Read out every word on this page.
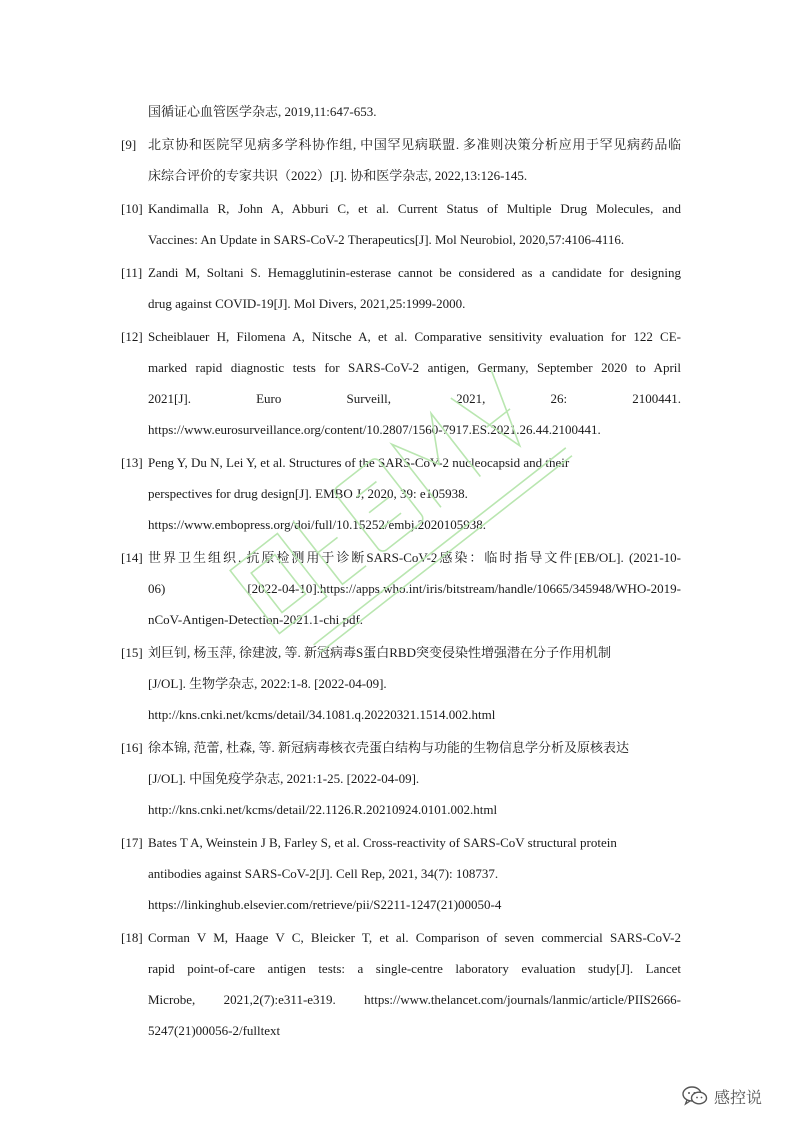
国循证心血管医学杂志, 2019,11:647-653.
[9] 北京协和医院罕见病多学科协作组, 中国罕见病联盟. 多准则决策分析应用于罕见病药品临
床综合评价的专家共识（2022）[J]. 协和医学杂志, 2022,13:126-145.
[10] Kandimalla R, John A, Abburi C, et al. Current Status of Multiple Drug Molecules, and
Vaccines: An Update in SARS-CoV-2 Therapeutics[J]. Mol Neurobiol, 2020,57:4106-4116.
[11] Zandi M, Soltani S. Hemagglutinin-esterase cannot be considered as a candidate for designing
drug against COVID-19[J]. Mol Divers, 2021,25:1999-2000.
[12] Scheiblauer H, Filomena A, Nitsche A, et al. Comparative sensitivity evaluation for 122 CE-
marked rapid diagnostic tests for SARS-CoV-2 antigen, Germany, September 2020 to April
2021[J]. Euro Surveill, 2021, 26: 2100441.
https://www.eurosurveillance.org/content/10.2807/1560-7917.ES.2021.26.44.2100441.
[13] Peng Y, Du N, Lei Y, et al. Structures of the SARS-CoV-2 nucleocapsid and their
perspectives for drug design[J]. EMBO J, 2020, 39: e105938.
https://www.embopress.org/doi/full/10.15252/embj.2020105938.
[14] 世界卫生组织. 抗原检测用于诊断SARS-CoV-2感染：临时指导文件[EB/OL]. (2021-10-
06) [2022-04-10].https://apps.who.int/iris/bitstream/handle/10665/345948/WHO-2019-
nCoV-Antigen-Detection-2021.1-chi.pdf.
[15] 刘巨钊, 杨玉萍, 徐建波, 等. 新冠病毒S蛋白RBD突变侵染性增强潜在分子作用机制
[J/OL]. 生物学杂志, 2022:1-8. [2022-04-09].
http://kns.cnki.net/kcms/detail/34.1081.q.20220321.1514.002.html
[16] 徐本锦, 范蕾, 杜森, 等. 新冠病毒核衣壳蛋白结构与功能的生物信息学分析及原核表达
[J/OL]. 中国免疫学杂志, 2021:1-25. [2022-04-09].
http://kns.cnki.net/kcms/detail/22.1126.R.20210924.0101.002.html
[17] Bates T A, Weinstein J B, Farley S, et al. Cross-reactivity of SARS-CoV structural protein
antibodies against SARS-CoV-2[J]. Cell Rep, 2021, 34(7): 108737.
https://linkinghub.elsevier.com/retrieve/pii/S2211-1247(21)00050-4
[18] Corman V M, Haage V C, Bleicker T, et al. Comparison of seven commercial SARS-CoV-2
rapid point-of-care antigen tests: a single-centre laboratory evaluation study[J]. Lancet
Microbe, 2021,2(7):e311-e319. https://www.thelancet.com/journals/lanmic/article/PIIS2666-
5247(21)00056-2/fulltext
感控说
